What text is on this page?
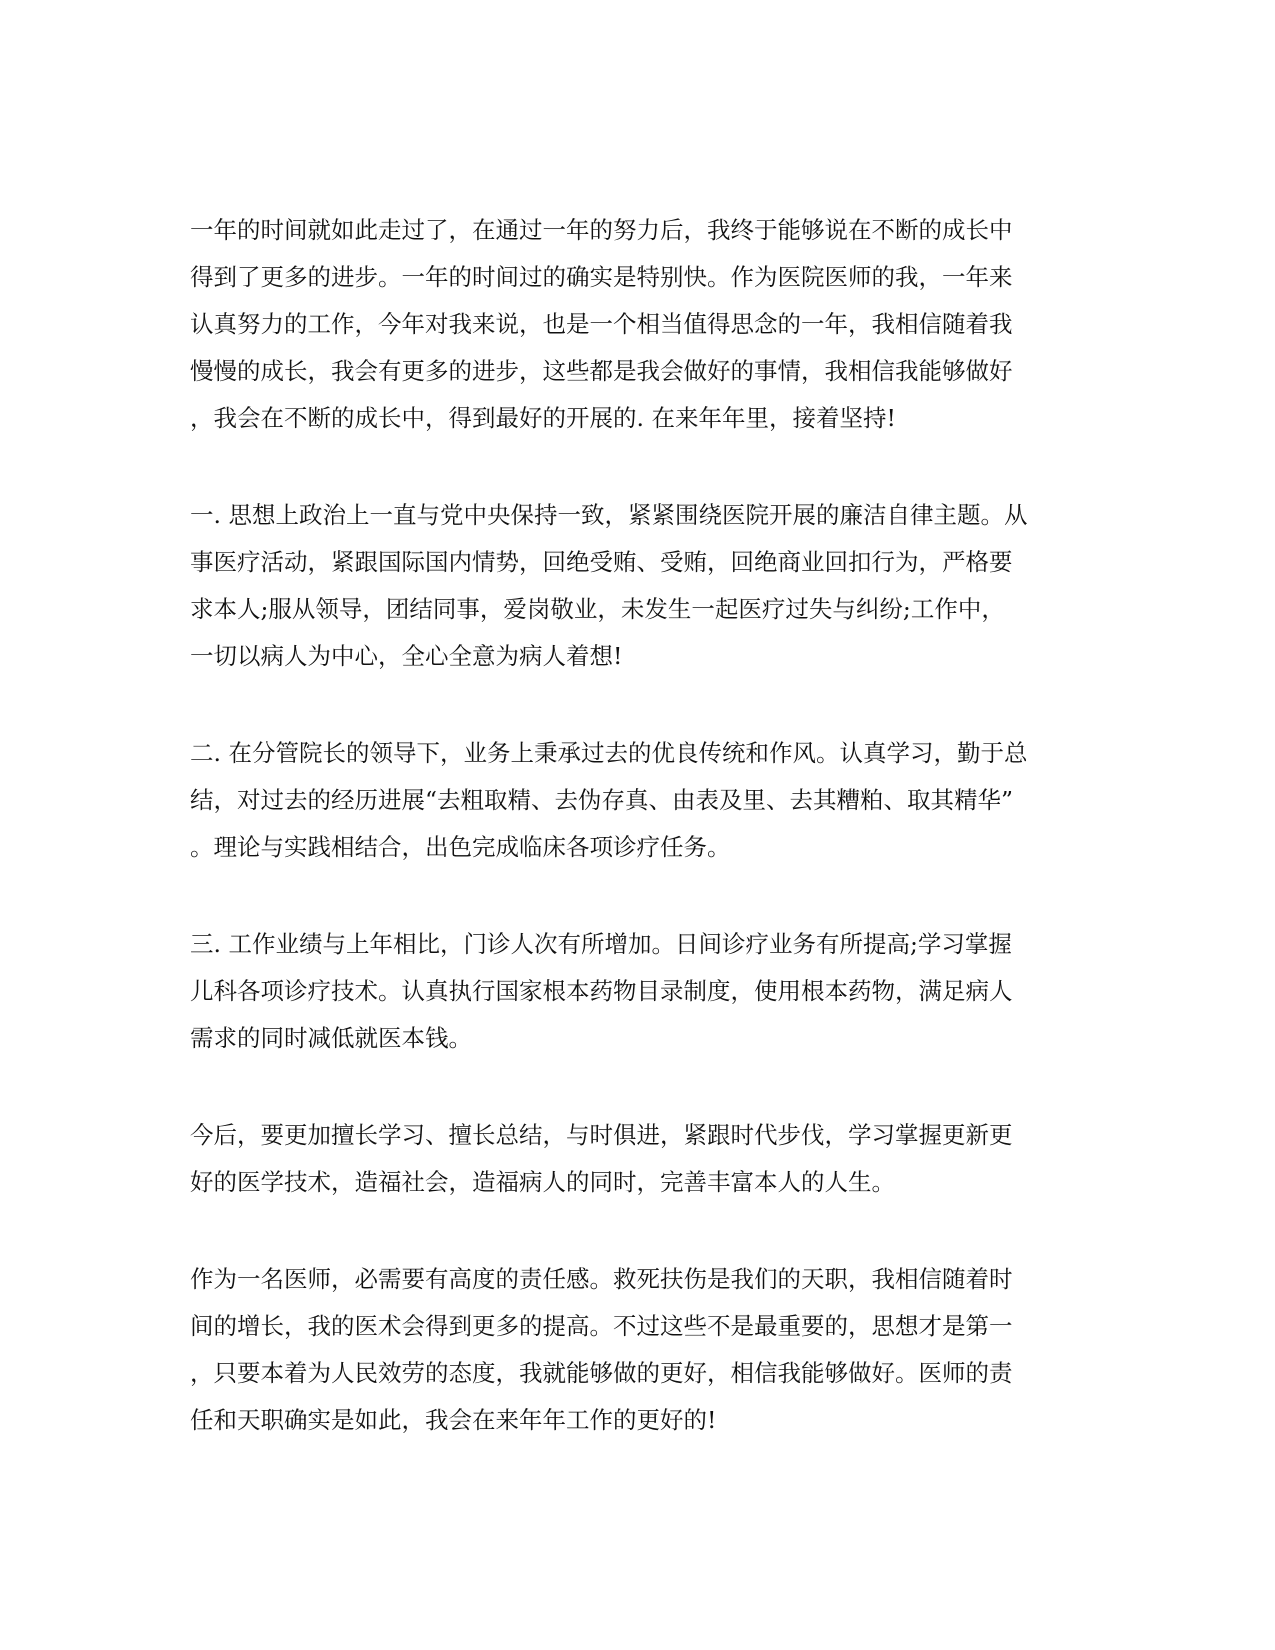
一年的时间就如此走过了，在通过一年的努力后，我终于能够说在不断的成长中
得到了更多的进步。一年的时间过的确实是特别快。作为医院医师的我，一年来
认真努力的工作，今年对我来说，也是一个相当值得思念的一年，我相信随着我
慢慢的成长，我会有更多的进步，这些都是我会做好的事情，我相信我能够做好
，我会在不断的成长中，得到最好的开展的. 在来年年里，接着坚持!

一. 思想上政治上一直与党中央保持一致，紧紧围绕医院开展的廉洁自律主题。从
事医疗活动，紧跟国际国内情势，回绝受贿、受贿，回绝商业回扣行为，严格要
求本人;服从领导，团结同事，爱岗敬业，未发生一起医疗过失与纠纷;工作中，
一切以病人为中心，全心全意为病人着想!

二. 在分管院长的领导下，业务上秉承过去的优良传统和作风。认真学习，勤于总
结，对过去的经历进展“去粗取精、去伪存真、由表及里、去其糟粕、取其精华”
。理论与实践相结合，出色完成临床各项诊疗任务。

三. 工作业绩与上年相比，门诊人次有所增加。日间诊疗业务有所提高;学习掌握
儿科各项诊疗技术。认真执行国家根本药物目录制度，使用根本药物，满足病人
需求的同时减低就医本钱。

今后，要更加擅长学习、擅长总结，与时俱进，紧跟时代步伐，学习掌握更新更
好的医学技术，造福社会，造福病人的同时，完善丰富本人的人生。

作为一名医师，必需要有高度的责任感。救死扶伤是我们的天职，我相信随着时
间的增长，我的医术会得到更多的提高。不过这些不是最重要的，思想才是第一
，只要本着为人民效劳的态度，我就能够做的更好，相信我能够做好。医师的责
任和天职确实是如此，我会在来年年工作的更好的!
